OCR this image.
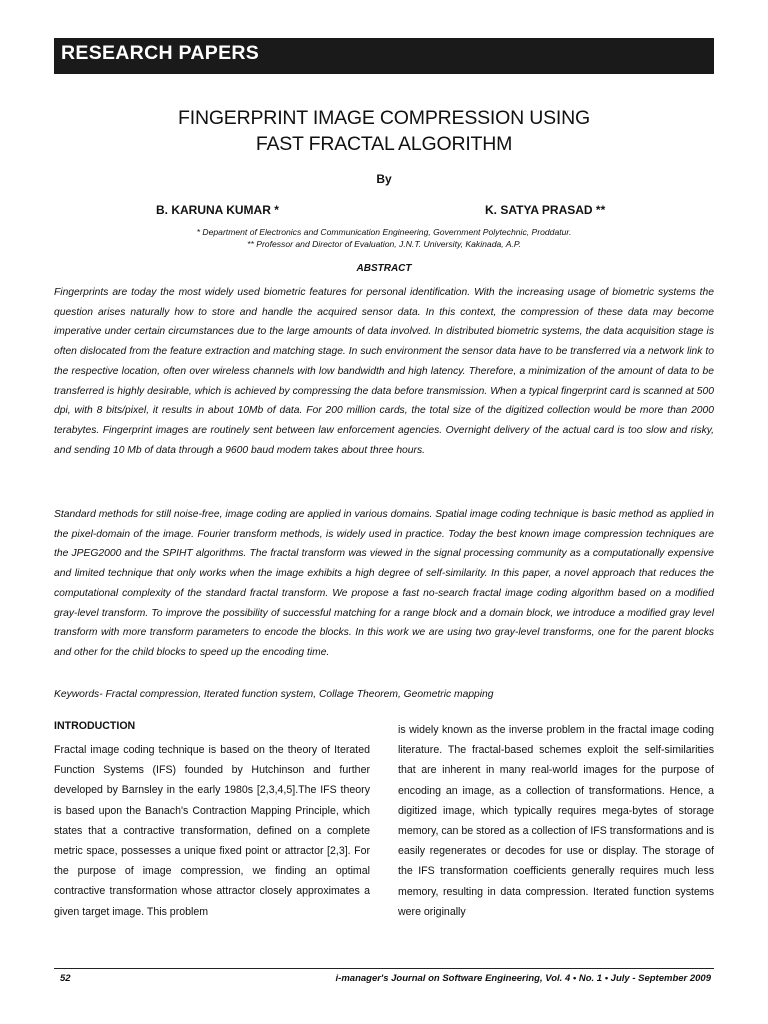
RESEARCH PAPERS
FINGERPRINT IMAGE COMPRESSION USING
FAST FRACTAL ALGORITHM
By
B. KARUNA KUMAR *	K. SATYA PRASAD **
* Department of Electronics and Communication Engineering, Government Polytechnic, Proddatur.
** Professor and Director of Evaluation, J.N.T. University, Kakinada, A.P.
ABSTRACT

Fingerprints are today the most widely used biometric features for personal identification. With the increasing usage of biometric systems the question arises naturally how to store and handle the acquired sensor data. In this context, the compression of these data may become imperative under certain circumstances due to the large amounts of data involved. In distributed biometric systems, the data acquisition stage is often dislocated from the feature extraction and matching stage. In such environment the sensor data have to be transferred via a network link to the respective location, often over wireless channels with low bandwidth and high latency. Therefore, a minimization of the amount of data to be transferred is highly desirable, which is achieved by compressing the data before transmission. When a typical fingerprint card is scanned at 500 dpi, with 8 bits/pixel, it results in about 10Mb of data. For 200 million cards, the total size of the digitized collection would be more than 2000 terabytes. Fingerprint images are routinely sent between law enforcement agencies. Overnight delivery of the actual card is too slow and risky, and sending 10 Mb of data through a 9600 baud modem takes about three hours.

Standard methods for still noise-free, image coding are applied in various domains. Spatial image coding technique is basic method as applied in the pixel-domain of the image. Fourier transform methods, is widely used in practice. Today the best known image compression techniques are the JPEG2000 and the SPIHT algorithms. The fractal transform was viewed in the signal processing community as a computationally expensive and limited technique that only works when the image exhibits a high degree of self-similarity. In this paper, a novel approach that reduces the computational complexity of the standard fractal transform. We propose a fast no-search fractal image coding algorithm based on a modified gray-level transform. To improve the possibility of successful matching for a range block and a domain block, we introduce a modified gray level transform with more transform parameters to encode the blocks. In this work we are using two gray-level transforms, one for the parent blocks and other for the child blocks to speed up the encoding time.

Keywords- Fractal compression, Iterated function system, Collage Theorem, Geometric mapping
INTRODUCTION

Fractal image coding technique is based on the theory of Iterated Function Systems (IFS) founded by Hutchinson and further developed by Barnsley in the early 1980s [2,3,4,5].The IFS theory is based upon the Banach's Contraction Mapping Principle, which states that a contractive transformation, defined on a complete metric space, possesses a unique fixed point or attractor [2,3]. For the purpose of image compression, we finding an optimal contractive transformation whose attractor closely approximates a given target image. This problem

is widely known as the inverse problem in the fractal image coding literature. The fractal-based schemes exploit the self-similarities that are inherent in many real-world images for the purpose of encoding an image, as a collection of transformations. Hence, a digitized image, which typically requires mega-bytes of storage memory, can be stored as a collection of IFS transformations and is easily regenerates or decodes for use or display. The storage of the IFS transformation coefficients generally requires much less memory, resulting in data compression. Iterated function systems were originally

52	i-manager's Journal on Software Engineering, Vol. 4 • No. 1 • July - September 2009
